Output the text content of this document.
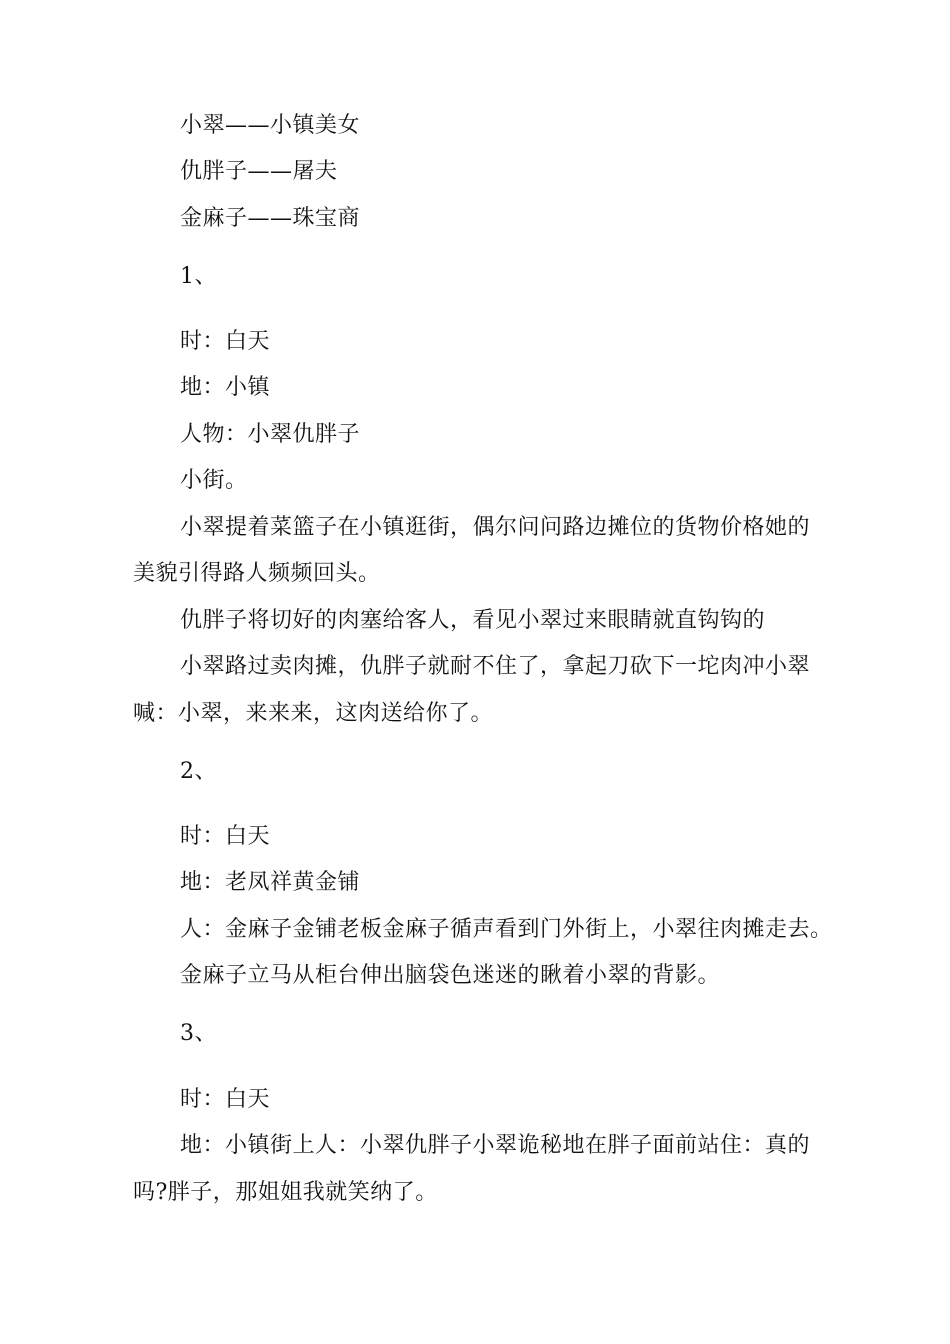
小翠——小镇美女
仇胖子——屠夫
金麻子——珠宝商
1、
时：白天
地：小镇
人物：小翠仇胖子
小街。
小翠提着菜篮子在小镇逛街，偶尔问问路边摊位的货物价格她的
美貌引得路人频频回头。
仇胖子将切好的肉塞给客人，看见小翠过来眼睛就直钩钩的
小翠路过卖肉摊，仇胖子就耐不住了，拿起刀砍下一坨肉冲小翠
喊：小翠，来来来，这肉送给你了。
2、
时：白天
地：老凤祥黄金铺
人：金麻子金铺老板金麻子循声看到门外街上，小翠往肉摊走去。
金麻子立马从柜台伸出脑袋色迷迷的瞅着小翠的背影。
3、
时：白天
地：小镇街上人：小翠仇胖子小翠诡秘地在胖子面前站住：真的
吗?胖子，那姐姐我就笑纳了。
